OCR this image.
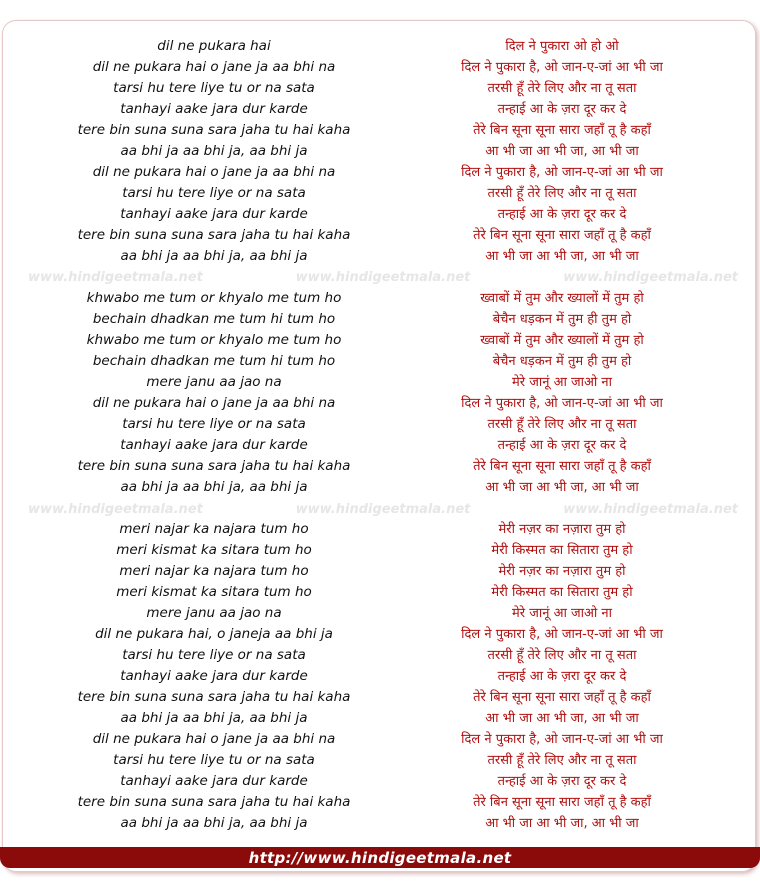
www.hindigeetmala.net	www.hindigeetmala.net	www.hindigeetmala.net
www.hindigeetmala.net	www.hindigeetmala.net	www.hindigeetmala.net
dil ne pukara hai
dil ne pukara hai o jane ja aa bhi na
tarsi hu tere liye tu or na sata
tanhayi aake jara dur karde
tere bin suna suna sara jaha tu hai kaha
aa bhi ja aa bhi ja, aa bhi ja
dil ne pukara hai o jane ja aa bhi na
tarsi hu tere liye or na sata
tanhayi aake jara dur karde
tere bin suna suna sara jaha tu hai kaha
aa bhi ja aa bhi ja, aa bhi ja
khwabo me tum or khyalo me tum ho
bechain dhadkan me tum hi tum ho
khwabo me tum or khyalo me tum ho
bechain dhadkan me tum hi tum ho
mere janu aa jao na
dil ne pukara hai o jane ja aa bhi na
tarsi hu tere liye or na sata
tanhayi aake jara dur karde
tere bin suna suna sara jaha tu hai kaha
aa bhi ja aa bhi ja, aa bhi ja
meri najar ka najara tum ho
meri kismat ka sitara tum ho
meri najar ka najara tum ho
meri kismat ka sitara tum ho
mere janu aa jao na
dil ne pukara hai, o janeja aa bhi ja
tarsi hu tere liye or na sata
tanhayi aake jara dur karde
tere bin suna suna sara jaha tu hai kaha
aa bhi ja aa bhi ja, aa bhi ja
dil ne pukara hai o jane ja aa bhi na
tarsi hu tere liye tu or na sata
tanhayi aake jara dur karde
tere bin suna suna sara jaha tu hai kaha
aa bhi ja aa bhi ja, aa bhi ja
दिल ने पुकारा ओ हो ओ
दिल ने पुकारा है, ओ जान-ए-जां आ भी जा
तरसी हूँ तेरे लिए और ना तू सता
तन्हाई आ के ज़रा दूर कर दे
तेरे बिन सूना सूना सारा जहाँ तू है कहाँ
आ भी जा आ भी जा, आ भी जा
दिल ने पुकारा है, ओ जान-ए-जां आ भी जा
तरसी हूँ तेरे लिए और ना तू सता
तन्हाई आ के ज़रा दूर कर दे
तेरे बिन सूना सूना सारा जहाँ तू है कहाँ
आ भी जा आ भी जा, आ भी जा
ख्वाबों में तुम और ख्यालों में तुम हो
बेचैन धड़कन में तुम ही तुम हो
ख्वाबों में तुम और ख्यालों में तुम हो
बेचैन धड़कन में तुम ही तुम हो
मेरे जानूं आ जाओ ना
दिल ने पुकारा है, ओ जान-ए-जां आ भी जा
तरसी हूँ तेरे लिए और ना तू सता
तन्हाई आ के ज़रा दूर कर दे
तेरे बिन सूना सूना सारा जहाँ तू है कहाँ
आ भी जा आ भी जा, आ भी जा
मेरी नज़र का नज़ारा तुम हो
मेरी किस्मत का सितारा तुम हो
मेरी नज़र का नज़ारा तुम हो
मेरी किस्मत का सितारा तुम हो
मेरे जानूं आ जाओ ना
दिल ने पुकारा है, ओ जान-ए-जां आ भी जा
तरसी हूँ तेरे लिए और ना तू सता
तन्हाई आ के ज़रा दूर कर दे
तेरे बिन सूना सूना सारा जहाँ तू है कहाँ
आ भी जा आ भी जा, आ भी जा
दिल ने पुकारा है, ओ जान-ए-जां आ भी जा
तरसी हूँ तेरे लिए और ना तू सता
तन्हाई आ के ज़रा दूर कर दे
तेरे बिन सूना सूना सारा जहाँ तू है कहाँ
आ भी जा आ भी जा, आ भी जा
http://www.hindigeetmala.net
